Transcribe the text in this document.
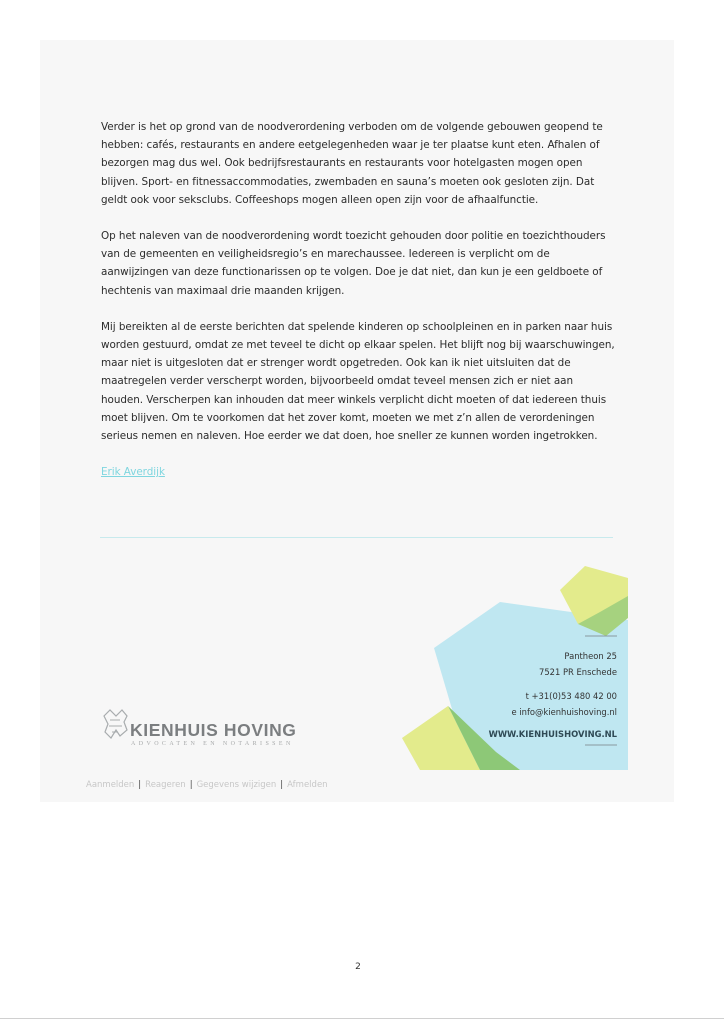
Verder is het op grond van de noodverordening verboden om de volgende gebouwen geopend te hebben: cafés, restaurants en andere eetgelegenheden waar je ter plaatse kunt eten. Afhalen of bezorgen mag dus wel. Ook bedrijfsrestaurants en restaurants voor hotelgasten mogen open blijven. Sport- en fitnessaccommodaties, zwembaden en sauna’s moeten ook gesloten zijn. Dat geldt ook voor seksclubs. Coffeeshops mogen alleen open zijn voor de afhaalfunctie.

Op het naleven van de noodverordening wordt toezicht gehouden door politie en toezichthouders van de gemeenten en veiligheidsregio’s en marechaussee. Iedereen is verplicht om de aanwijzingen van deze functionarissen op te volgen. Doe je dat niet, dan kun je een geldboete of hechtenis van maximaal drie maanden krijgen.

Mij bereikten al de eerste berichten dat spelende kinderen op schoolpleinen en in parken naar huis worden gestuurd, omdat ze met teveel te dicht op elkaar spelen. Het blijft nog bij waarschuwingen, maar niet is uitgesloten dat er strenger wordt opgetreden. Ook kan ik niet uitsluiten dat de maatregelen verder verscherpt worden, bijvoorbeeld omdat teveel mensen zich er niet aan houden. Verscherpen kan inhouden dat meer winkels verplicht dicht moeten of dat iedereen thuis moet blijven. Om te voorkomen dat het zover komt, moeten we met z’n allen de verordeningen serieus nemen en naleven. Hoe eerder we dat doen, hoe sneller ze kunnen worden ingetrokken.

Erik Averdijk
Pantheon 25
7521 PR Enschede
t +31(0)53 480 42 00
e info@kienhuishoving.nl
WWW.KIENHUISHOVING.NL
KIENHUIS HOVING
ADVOCATEN EN NOTARISSEN
Aanmelden | Reageren | Gegevens wijzigen | Afmelden
2
